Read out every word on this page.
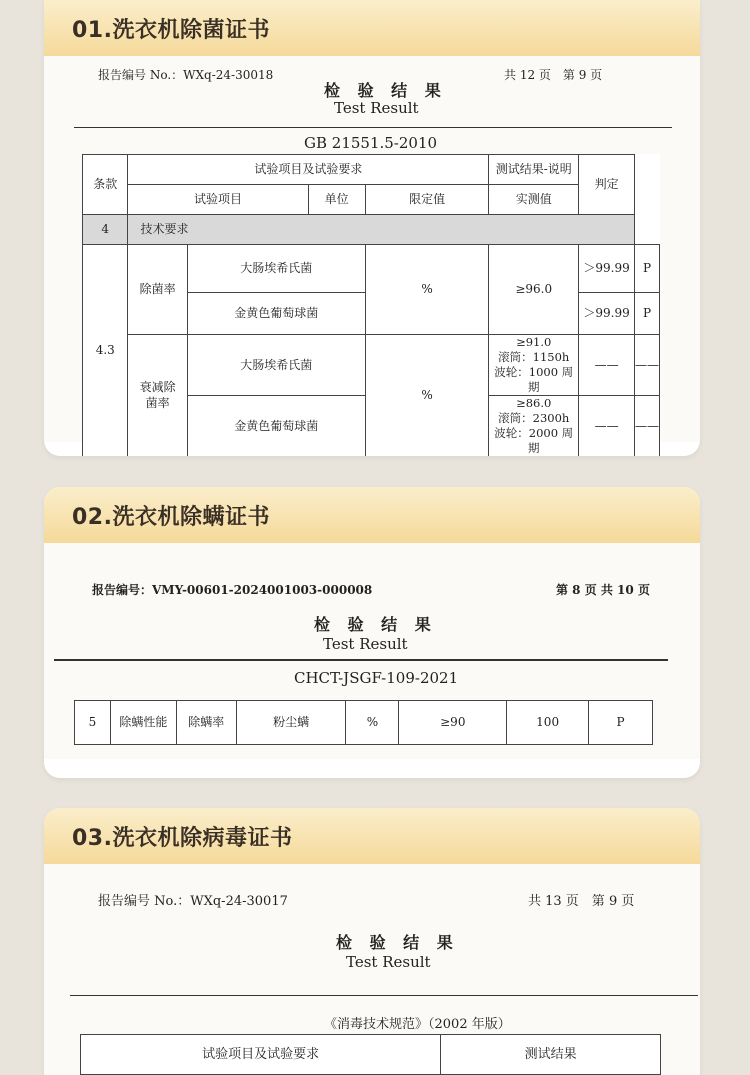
01.洗衣机除菌证书
报告编号 No.：WXq-24-30018	共 12 页　第 9 页
检 验 结 果
Test Result
GB 21551.5-2010
条款	试验项目及试验要求				测试结果-说明	判定	
	试验项目		单位	限定值	实测值		
4	技术要求						
4.3	除菌率	大肠埃希氏菌		%	≥96.0	＞99.99	P
		金黄色葡萄球菌				＞99.99	P
	衰减除菌率	大肠埃希氏菌		%	≥91.0
滚筒：1150h
波轮：1000 周期	——	——
		金黄色葡萄球菌			≥86.0
滚筒：2300h
波轮：2000 周期	——	——
02.洗衣机除螨证书
报告编号：VMY-00601-2024001003-000008	第 8 页 共 10 页
检 验 结 果
Test Result
CHCT-JSGF-109-2021
5	除螨性能	除螨率	粉尘螨	%	≥90	100	P
03.洗衣机除病毒证书
报告编号 No.：WXq-24-30017	共 13 页　第 9 页
检 验 结 果
Test Result
《消毒技术规范》（2002 年版）
试验项目及试验要求	测试结果
